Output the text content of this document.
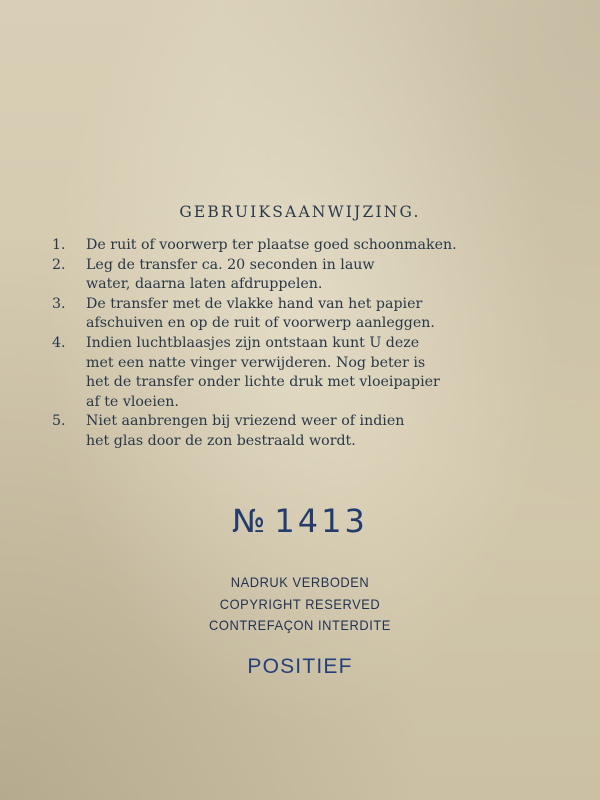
GEBRUIKSAANWIJZING.
1.	De ruit of voorwerp ter plaatse goed schoonmaken.
2.	Leg de transfer ca. 20 seconden in lauw
water, daarna laten afdruppelen.
3.	De transfer met de vlakke hand van het papier
afschuiven en op de ruit of voorwerp aanleggen.
4.	Indien luchtblaasjes zijn ontstaan kunt U deze
met een natte vinger verwijderen. Nog beter is
het de transfer onder lichte druk met vloeipapier
af te vloeien.
5.	Niet aanbrengen bij vriezend weer of indien
het glas door de zon bestraald wordt.
№ 1413
NADRUK VERBODEN
COPYRIGHT RESERVED
CONTREFAÇON INTERDITE
POSITIEF
